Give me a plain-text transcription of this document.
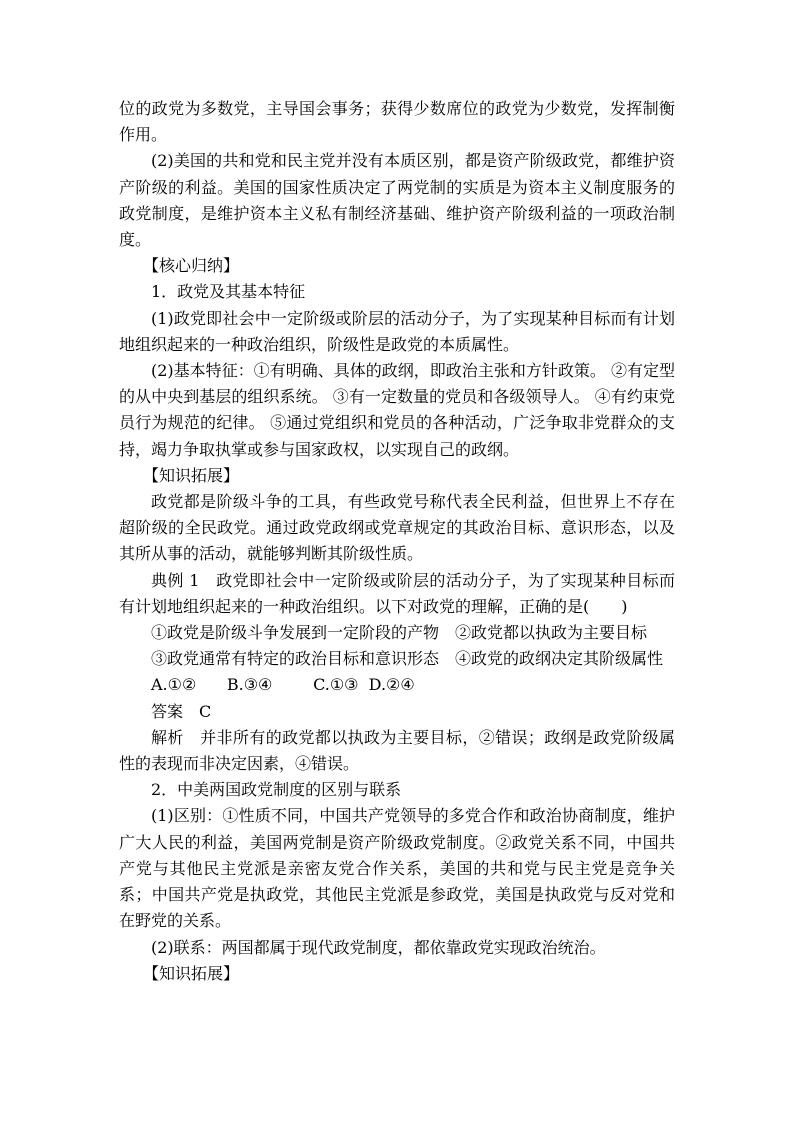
位的政党为多数党，主导国会事务；获得少数席位的政党为少数党，发挥制衡作用。

(2)美国的共和党和民主党并没有本质区别，都是资产阶级政党，都维护资产阶级的利益。美国的国家性质决定了两党制的实质是为资本主义制度服务的政党制度，是维护资本主义私有制经济基础、维护资产阶级利益的一项政治制度。

【核心归纳】

1．政党及其基本特征

(1)政党即社会中一定阶级或阶层的活动分子，为了实现某种目标而有计划地组织起来的一种政治组织，阶级性是政党的本质属性。

(2)基本特征：①有明确、具体的政纲，即政治主张和方针政策。 ②有定型的从中央到基层的组织系统。 ③有一定数量的党员和各级领导人。 ④有约束党员行为规范的纪律。 ⑤通过党组织和党员的各种活动，广泛争取非党群众的支持，竭力争取执掌或参与国家政权，以实现自己的政纲。

【知识拓展】

政党都是阶级斗争的工具，有些政党号称代表全民利益，但世界上不存在超阶级的全民政党。通过政党政纲或党章规定的其政治目标、意识形态，以及其所从事的活动，就能够判断其阶级性质。

典例 1　政党即社会中一定阶级或阶层的活动分子，为了实现某种目标而有计划地组织起来的一种政治组织。以下对政党的理解，正确的是(　　)

①政党是阶级斗争发展到一定阶段的产物　②政党都以执政为主要目标

③政党通常有特定的政治目标和意识形态　④政党的政纲决定其阶级属性

A.①②      B.③④        C.①③  D.②④

答案　C

解析　并非所有的政党都以执政为主要目标，②错误；政纲是政党阶级属性的表现而非决定因素，④错误。

2．中美两国政党制度的区别与联系

(1)区别：①性质不同，中国共产党领导的多党合作和政治协商制度，维护广大人民的利益，美国两党制是资产阶级政党制度。②政党关系不同，中国共产党与其他民主党派是亲密友党合作关系，美国的共和党与民主党是竞争关系；中国共产党是执政党，其他民主党派是参政党，美国是执政党与反对党和在野党的关系。

(2)联系：两国都属于现代政党制度，都依靠政党实现政治统治。

【知识拓展】
